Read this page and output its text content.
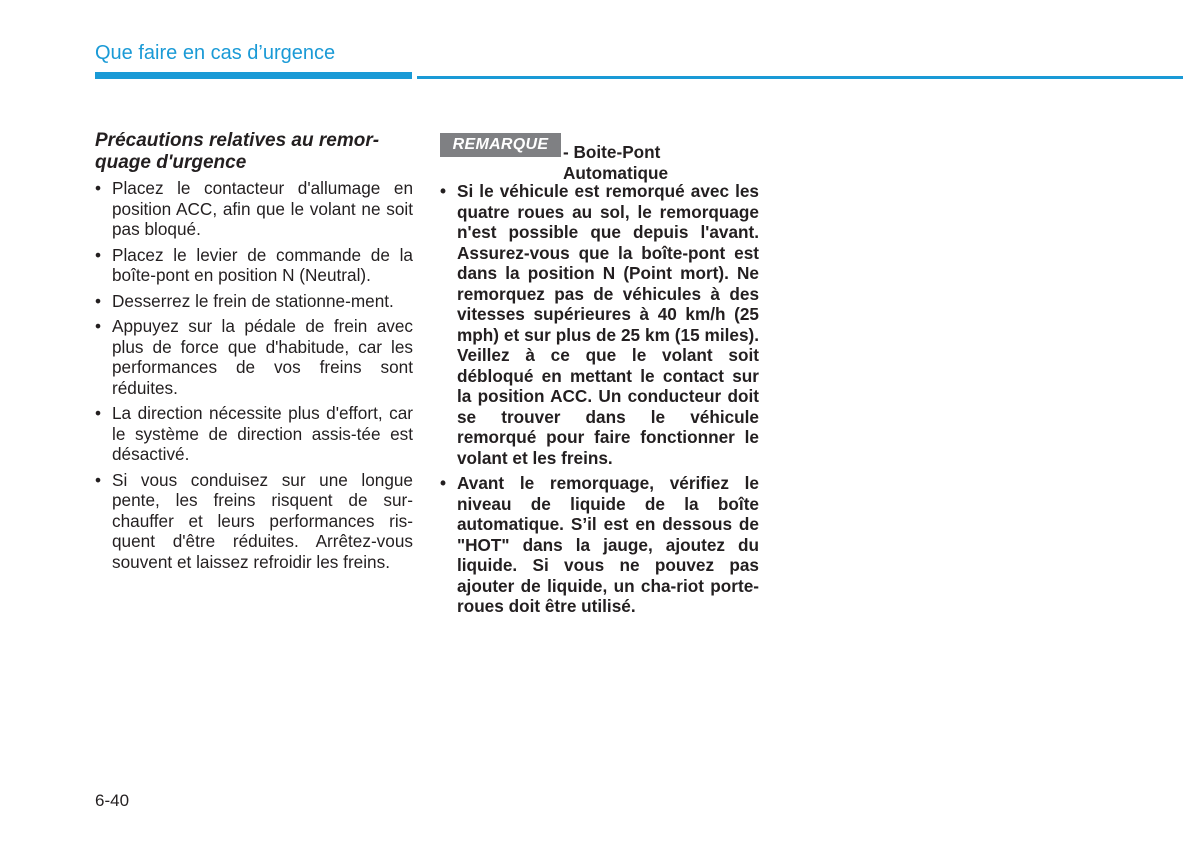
Que faire en cas d’urgence
Précautions relatives au remor-
quage d'urgence
• Placez le contacteur d'allumage en position ACC, afin que le volant ne soit pas bloqué.
• Placez le levier de commande de la boîte-pont en position N (Neutral).
• Desserrez le frein de stationne-ment.
• Appuyez sur la pédale de frein avec plus de force que d'habitude, car les performances de vos freins sont réduites.
• La direction nécessite plus d'effort, car le système de direction assis-tée est désactivé.
• Si vous conduisez sur une longue pente, les freins risquent de sur-chauffer et leurs performances ris-quent d'être réduites. Arrêtez-vous souvent et laissez refroidir les freins.
REMARQUE - Boite-Pont
Automatique
• Si le véhicule est remorqué avec les quatre roues au sol, le remorquage n'est possible que depuis l'avant. Assurez-vous que la boîte-pont est dans la position N (Point mort). Ne remorquez pas de véhicules à des vitesses supérieures à 40 km/h (25 mph) et sur plus de 25 km (15 miles). Veillez à ce que le volant soit débloqué en mettant le contact sur la position ACC. Un conducteur doit se trouver dans le véhicule remorqué pour faire fonctionner le volant et les freins.
• Avant le remorquage, vérifiez le niveau de liquide de la boîte automatique. S’il est en dessous de "HOT" dans la jauge, ajoutez du liquide. Si vous ne pouvez pas ajouter de liquide, un cha-riot porte-roues doit être utilisé.
6-40
